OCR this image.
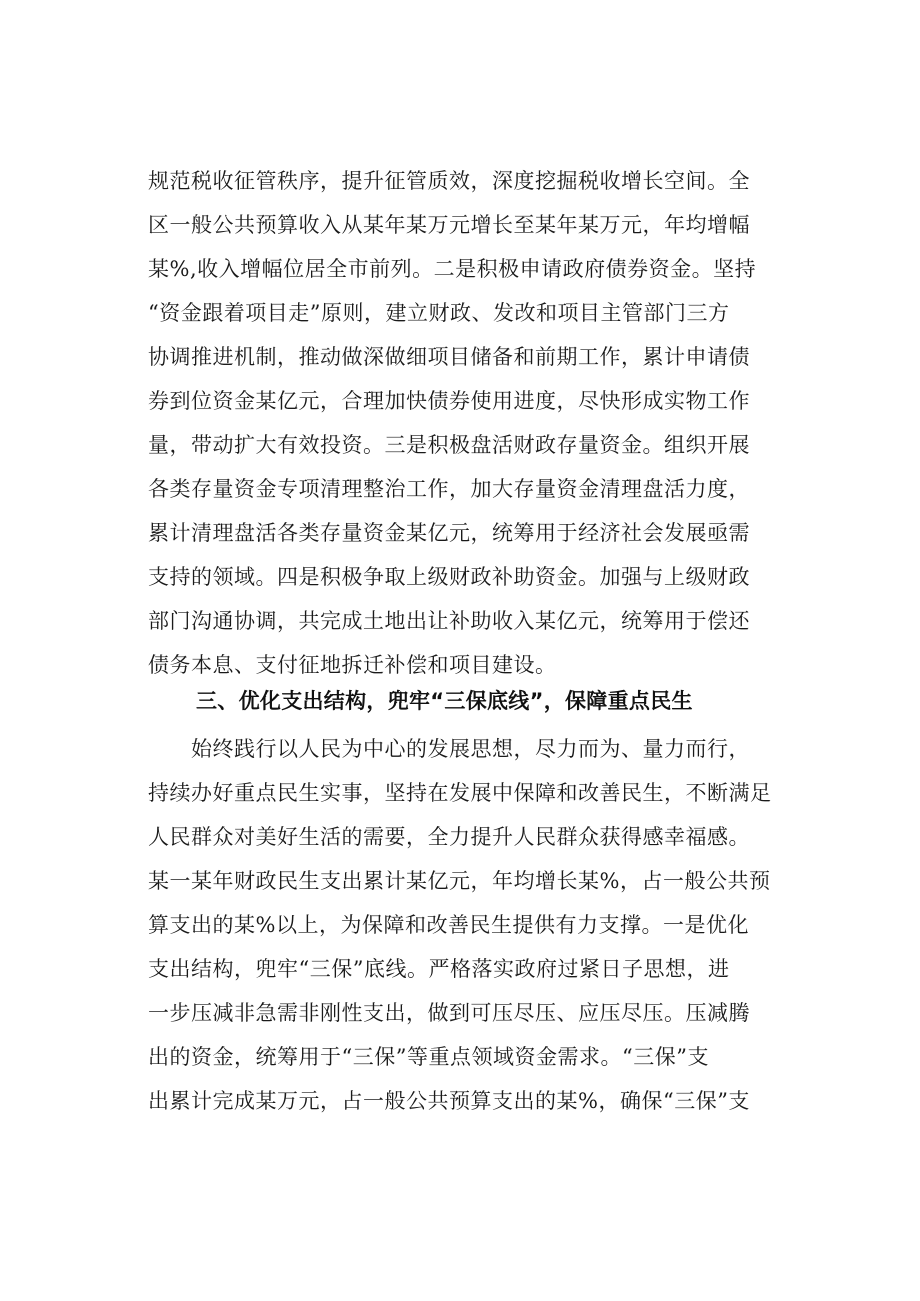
规范税收征管秩序，提升征管质效，深度挖掘税收增长空间。全
区一般公共预算收入从某年某万元增长至某年某万元，年均增幅
某%,收入增幅位居全市前列。二是积极申请政府债券资金。坚持
“资金跟着项目走”原则，建立财政、发改和项目主管部门三方
协调推进机制，推动做深做细项目储备和前期工作，累计申请债
券到位资金某亿元，合理加快债券使用进度，尽快形成实物工作
量，带动扩大有效投资。三是积极盘活财政存量资金。组织开展
各类存量资金专项清理整治工作，加大存量资金清理盘活力度，
累计清理盘活各类存量资金某亿元，统筹用于经济社会发展亟需
支持的领域。四是积极争取上级财政补助资金。加强与上级财政
部门沟通协调，共完成土地出让补助收入某亿元，统筹用于偿还
债务本息、支付征地拆迁补偿和项目建设。
三、优化支出结构，兜牢“三保底线”，保障重点民生
　　始终践行以人民为中心的发展思想，尽力而为、量力而行，
持续办好重点民生实事，坚持在发展中保障和改善民生，不断满足
人民群众对美好生活的需要，全力提升人民群众获得感幸福感。
某一某年财政民生支出累计某亿元，年均增长某%，占一般公共预
算支出的某%以上，为保障和改善民生提供有力支撑。一是优化
支出结构，兜牢“三保”底线。严格落实政府过紧日子思想，进
一步压减非急需非刚性支出，做到可压尽压、应压尽压。压减腾
出的资金，统筹用于“三保”等重点领域资金需求。“三保”支
出累计完成某万元，占一般公共预算支出的某%，确保“三保”支
